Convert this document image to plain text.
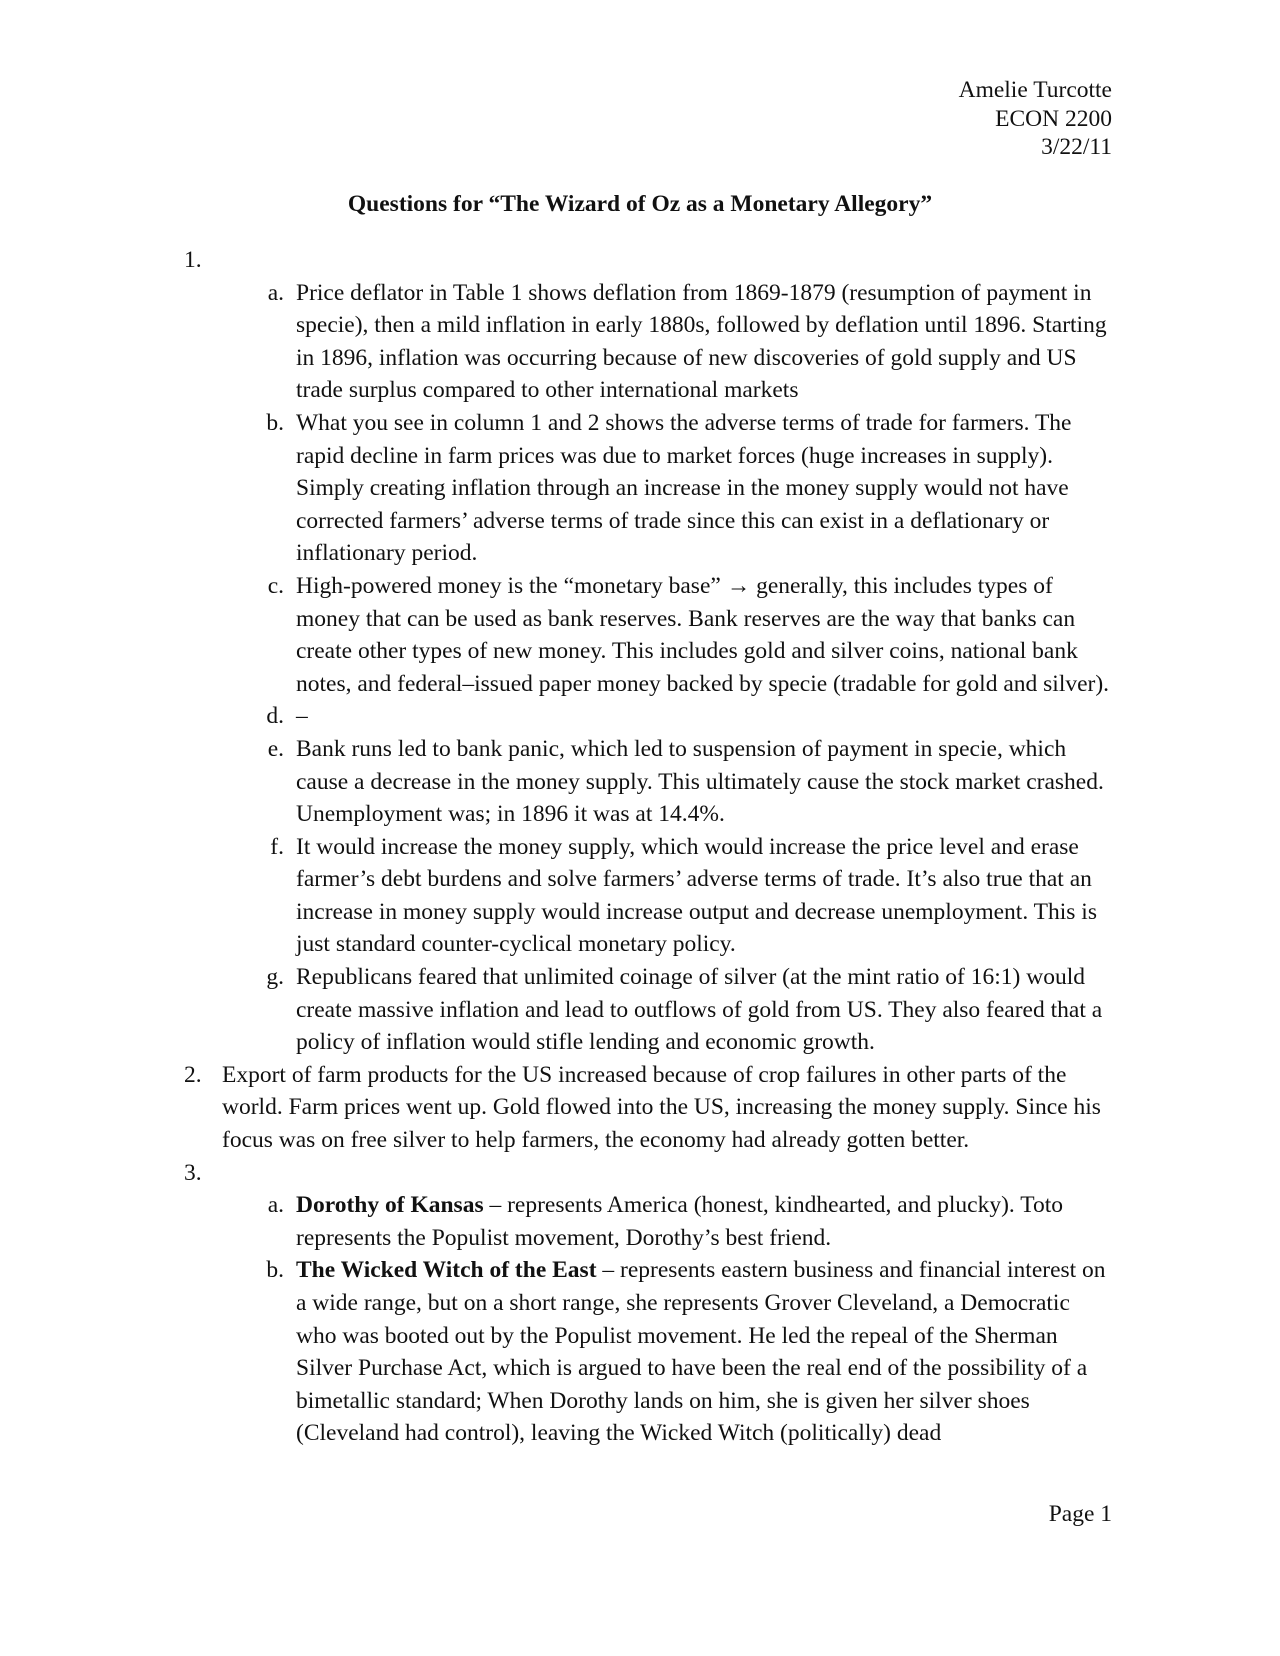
Amelie Turcotte
ECON 2200
3/22/11
Questions for “The Wizard of Oz as a Monetary Allegory”
1.

a. Price deflator in Table 1 shows deflation from 1869-1879 (resumption of payment in specie), then a mild inflation in early 1880s, followed by deflation until 1896. Starting in 1896, inflation was occurring because of new discoveries of gold supply and US trade surplus compared to other international markets
b. What you see in column 1 and 2 shows the adverse terms of trade for farmers. The rapid decline in farm prices was due to market forces (huge increases in supply). Simply creating inflation through an increase in the money supply would not have corrected farmers’ adverse terms of trade since this can exist in a deflationary or inflationary period.
c. High-powered money is the “monetary base” → generally, this includes types of money that can be used as bank reserves. Bank reserves are the way that banks can create other types of new money. This includes gold and silver coins, national bank notes, and federal–issued paper money backed by specie (tradable for gold and silver).
d. –
e. Bank runs led to bank panic, which led to suspension of payment in specie, which cause a decrease in the money supply. This ultimately cause the stock market crashed. Unemployment was; in 1896 it was at 14.4%.
f. It would increase the money supply, which would increase the price level and erase farmer’s debt burdens and solve farmers’ adverse terms of trade. It’s also true that an increase in money supply would increase output and decrease unemployment. This is just standard counter-cyclical monetary policy.
g. Republicans feared that unlimited coinage of silver (at the mint ratio of 16:1) would create massive inflation and lead to outflows of gold from US. They also feared that a policy of inflation would stifle lending and economic growth.
2. Export of farm products for the US increased because of crop failures in other parts of the world. Farm prices went up. Gold flowed into the US, increasing the money supply. Since his focus was on free silver to help farmers, the economy had already gotten better.
3.

a. Dorothy of Kansas – represents America (honest, kindhearted, and plucky). Toto represents the Populist movement, Dorothy’s best friend.
b. The Wicked Witch of the East – represents eastern business and financial interest on a wide range, but on a short range, she represents Grover Cleveland, a Democratic who was booted out by the Populist movement. He led the repeal of the Sherman Silver Purchase Act, which is argued to have been the real end of the possibility of a bimetallic standard; When Dorothy lands on him, she is given her silver shoes (Cleveland had control), leaving the Wicked Witch (politically) dead
Page 1
